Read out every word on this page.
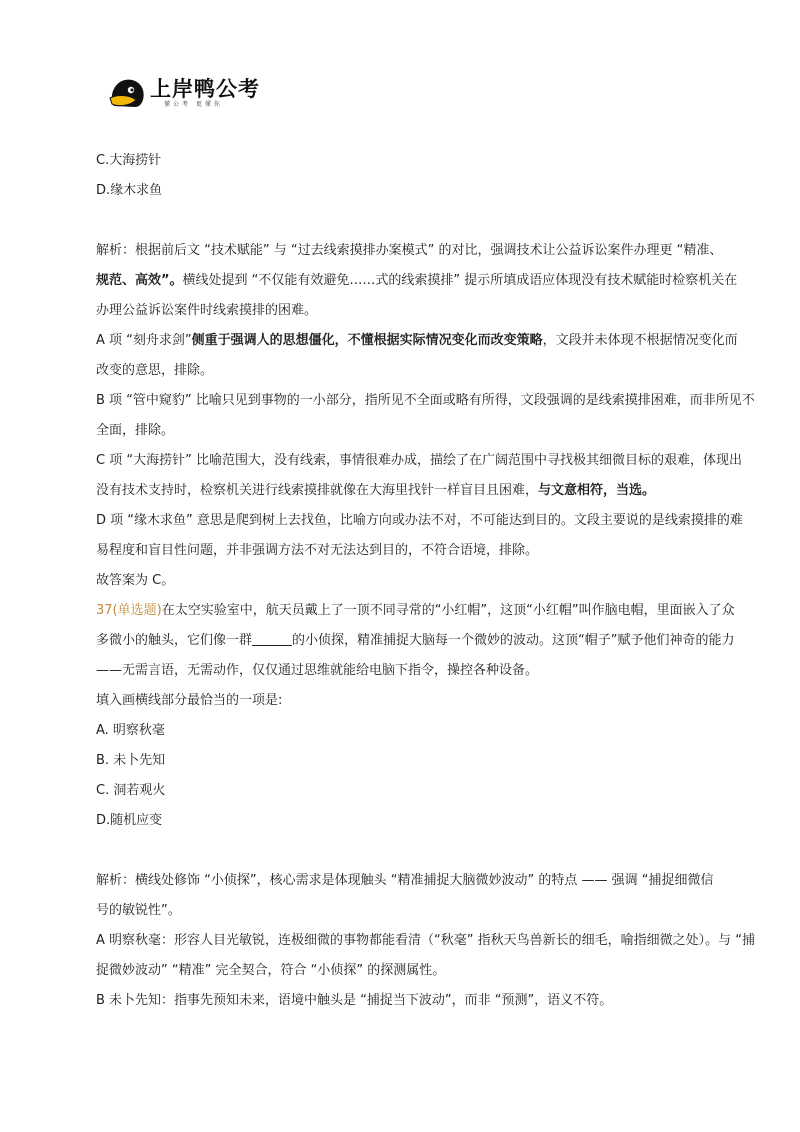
上岸鸭公考
懂公考 更懂你
C.大海捞针
D.缘木求鱼
解析：根据前后文 “技术赋能” 与 “过去线索摸排办案模式” 的对比，强调技术让公益诉讼案件办理更 “精准、
规范、高效”。横线处提到 “不仅能有效避免……式的线索摸排” 提示所填成语应体现没有技术赋能时检察机关在
办理公益诉讼案件时线索摸排的困难。
A 项 “刻舟求剑”侧重于强调人的思想僵化，不懂根据实际情况变化而改变策略，文段并未体现不根据情况变化而
改变的意思，排除。
B 项 “管中窥豹” 比喻只见到事物的一小部分，指所见不全面或略有所得，文段强调的是线索摸排困难，而非所见不
全面，排除。
C 项 “大海捞针” 比喻范围大，没有线索，事情很难办成，描绘了在广阔范围中寻找极其细微目标的艰难，体现出
没有技术支持时，检察机关进行线索摸排就像在大海里找针一样盲目且困难，与文意相符，当选。
D 项 “缘木求鱼” 意思是爬到树上去找鱼，比喻方向或办法不对，不可能达到目的。文段主要说的是线索摸排的难
易程度和盲目性问题，并非强调方法不对无法达到目的，不符合语境，排除。
故答案为 C。
37(单选题)在太空实验室中，航天员戴上了一顶不同寻常的“小红帽”，这顶“小红帽”叫作脑电帽，里面嵌入了众
多微小的触头，它们像一群	的小侦探，精准捕捉大脑每一个微妙的波动。这顶“帽子”赋予他们神奇的能力
——无需言语，无需动作，仅仅通过思维就能给电脑下指令，操控各种设备。
填入画横线部分最恰当的一项是:
A. 明察秋毫
B. 未卜先知
C. 洞若观火
D.随机应变
解析：横线处修饰 “小侦探”，核心需求是体现触头 “精准捕捉大脑微妙波动” 的特点 —— 强调 “捕捉细微信
号的敏锐性”。
A 明察秋毫：形容人目光敏锐，连极细微的事物都能看清（“秋毫” 指秋天鸟兽新长的细毛，喻指细微之处）。与 “捕
捉微妙波动” “精准” 完全契合，符合 “小侦探” 的探测属性。
B 未卜先知：指事先预知未来，语境中触头是 “捕捉当下波动”，而非 “预测”，语义不符。
